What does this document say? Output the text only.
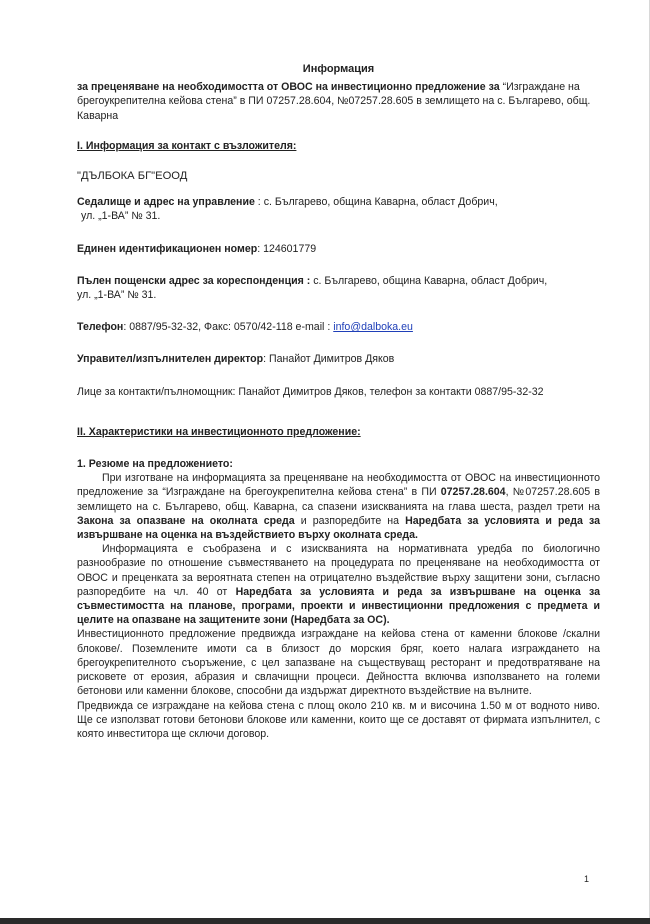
Информация

за преценяване на необходимостта от ОВОС на инвестиционно предложение за “Изграждане на брегоукрепителна кейова стена” в ПИ 07257.28.604, №07257.28.605 в землището на с. Българево, общ. Каварна

I. Информация за контакт с възложителя:

"ДЪЛБОКА БГ"ЕООД

Седалище и адрес на управление : с. Българево, община Каварна, област Добрич,

ул. „1-ВА” № 31.

Единен идентификационен номер: 124601779

Пълен пощенски адрес за кореспонденция : с. Българево, община Каварна, област Добрич,

ул. „1-ВА” № 31.

Телефон: 0887/95-32-32, Факс: 0570/42-118 e-mail : info@dalboka.eu

Управител/изпълнителен директор: Панайот Димитров Дяков

Лице за контакти/пълномощник: Панайот Димитров Дяков, телефон за контакти 0887/95-32-32

II. Характеристики на инвестиционното предложение:

1. Резюме на предложението:

При изготване на информацията за преценяване на необходимостта от ОВОС на инвестиционното предложение за “Изграждане на брегоукрепителна кейова стена” в ПИ 07257.28.604, №07257.28.605 в землището на с. Българево, общ. Каварна, са спазени изискванията на глава шеста, раздел трети на Закона за опазване на околната среда и разпоредбите на Наредбата за условията и реда за извършване на оценка на въздействието върху околната среда.

Информацията е съобразена и с изискванията на нормативната уредба по биологично разнообразие по отношение съвместяването на процедурата по преценяване на необходимостта от ОВОС и преценката за вероятната степен на отрицателно въздействие върху защитени зони, съгласно разпоредбите на чл. 40 от Наредбата за условията и реда за извършване на оценка за съвместимостта на планове, програми, проекти и инвестиционни предложения с предмета и целите на опазване на защитените зони (Наредбата за ОС).

Инвестиционното предложение предвижда изграждане на кейова стена от каменни блокове /скални блокове/. Поземлените имоти са в близост до морския бряг, което налага изграждането на брегоукрепителното съоръжение, с цел запазване на съществуващ ресторант и предотвратяване на рисковете от ерозия, абразия и свлачищни процеси. Дейността включва използването на големи бетонови или каменни блокове, способни да издържат директното въздействие на вълните.

Предвижда се изграждане на кейова стена с площ около 210 кв. м и височина 1.50 м от водното ниво. Ще се използват готови бетонови блокове или каменни, които ще се доставят от фирмата изпълнител, с която инвеститора ще сключи договор.

1
